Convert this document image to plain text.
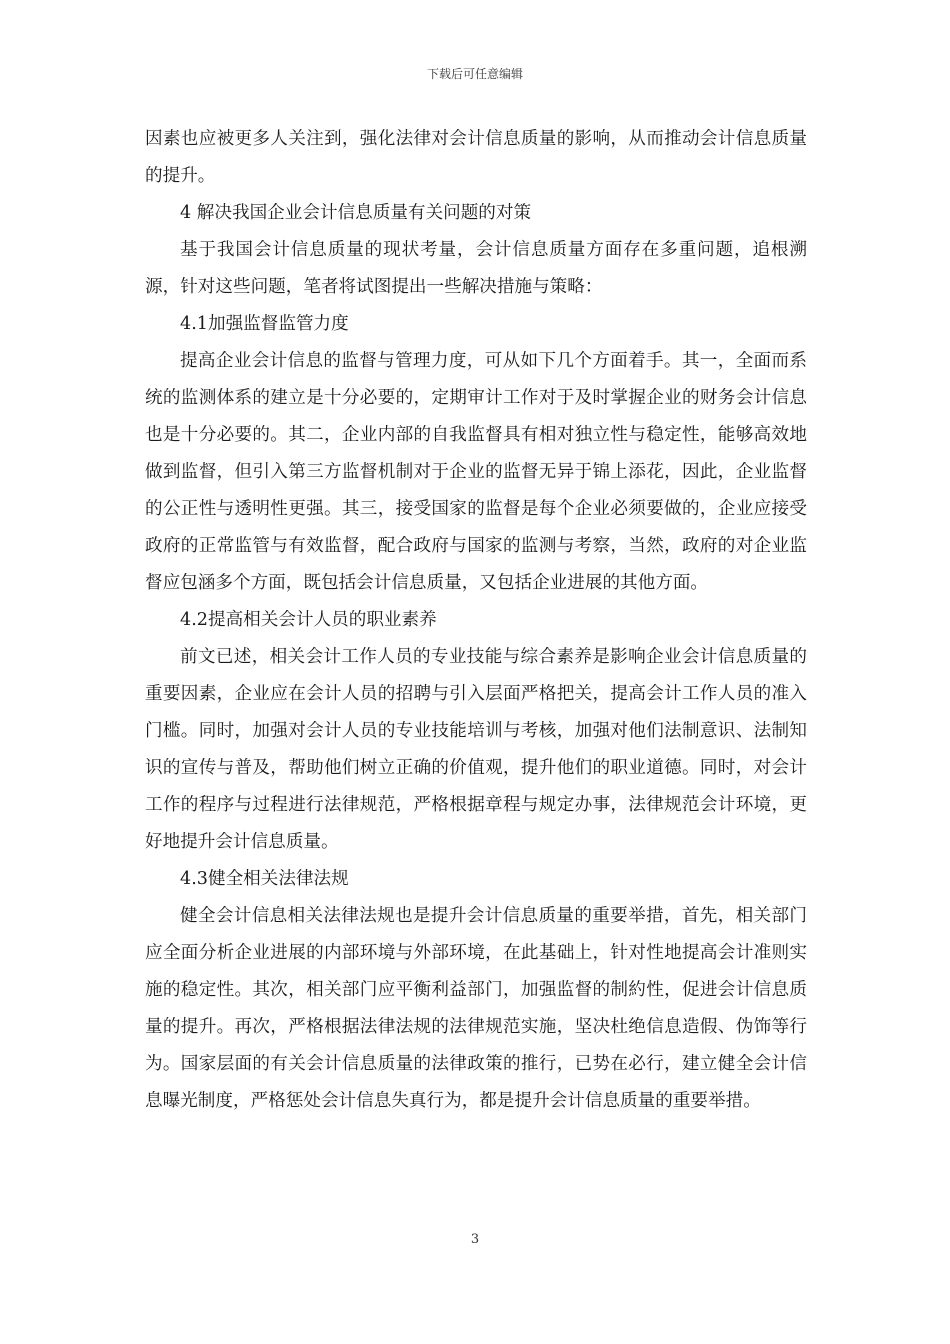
下载后可任意编辑

因素也应被更多人关注到，强化法律对会计信息质量的影响，从而推动会计信息质量的提升。

4 解决我国企业会计信息质量有关问题的对策

基于我国会计信息质量的现状考量，会计信息质量方面存在多重问题，追根溯源，针对这些问题，笔者将试图提出一些解决措施与策略：

4.1加强监督监管力度

提高企业会计信息的监督与管理力度，可从如下几个方面着手。其一，全面而系统的监测体系的建立是十分必要的，定期审计工作对于及时掌握企业的财务会计信息也是十分必要的。其二，企业内部的自我监督具有相对独立性与稳定性，能够高效地做到监督，但引入第三方监督机制对于企业的监督无异于锦上添花，因此，企业监督的公正性与透明性更强。其三，接受国家的监督是每个企业必须要做的，企业应接受政府的正常监管与有效监督，配合政府与国家的监测与考察，当然，政府的对企业监督应包涵多个方面，既包括会计信息质量，又包括企业进展的其他方面。

4.2提高相关会计人员的职业素养

前文已述，相关会计工作人员的专业技能与综合素养是影响企业会计信息质量的重要因素，企业应在会计人员的招聘与引入层面严格把关，提高会计工作人员的准入门槛。同时，加强对会计人员的专业技能培训与考核，加强对他们法制意识、法制知识的宣传与普及，帮助他们树立正确的价值观，提升他们的职业道德。同时，对会计工作的程序与过程进行法律规范，严格根据章程与规定办事，法律规范会计环境，更好地提升会计信息质量。

4.3健全相关法律法规

健全会计信息相关法律法规也是提升会计信息质量的重要举措，首先，相关部门应全面分析企业进展的内部环境与外部环境，在此基础上，针对性地提高会计准则实施的稳定性。其次，相关部门应平衡利益部门，加强监督的制約性，促进会计信息质量的提升。再次，严格根据法律法规的法律规范实施，坚决杜绝信息造假、伪饰等行为。国家层面的有关会计信息质量的法律政策的推行，已势在必行，建立健全会计信息曝光制度，严格惩处会计信息失真行为，都是提升会计信息质量的重要举措。

3
